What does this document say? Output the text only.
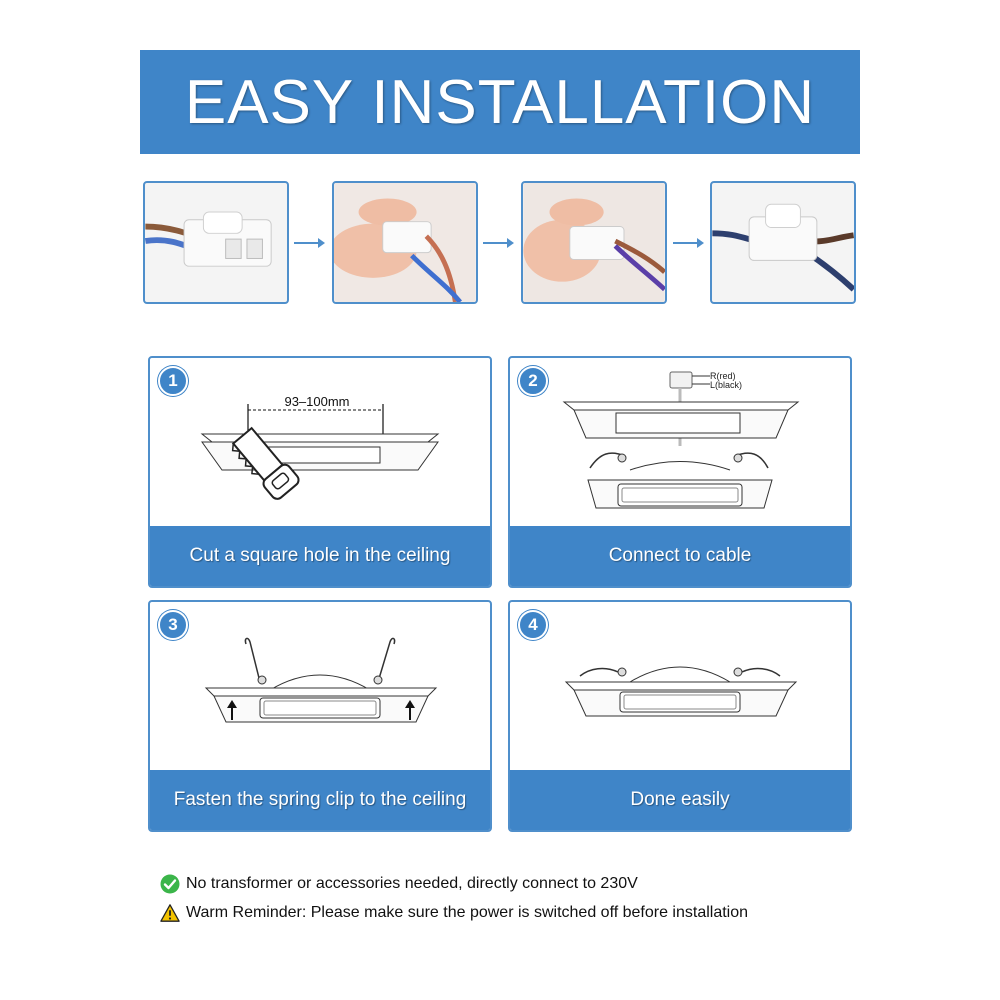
EASY INSTALLATION
1
93–100mm
Cut a square hole in the ceiling
2	R(red)
L(black)
Connect to cable
3
Fasten the spring clip to the ceiling
4
Done easily
No transformer or accessories needed, directly connect to 230V
Warm Reminder: Please make sure the power is switched off before installation
